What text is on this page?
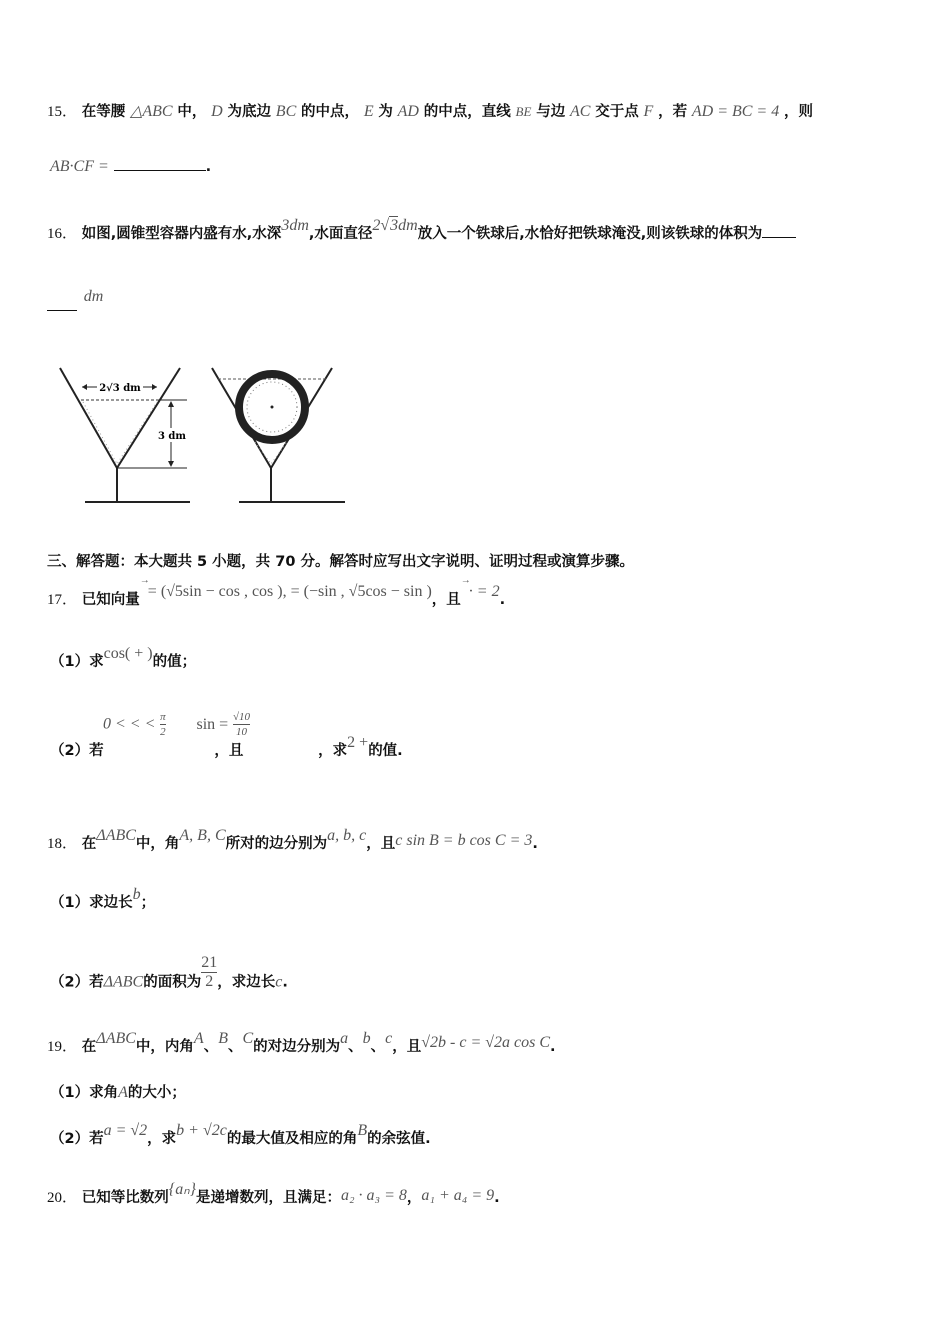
15． 在等腰 △ABC 中， D 为底边 BC 的中点， E 为 AD 的中点，直线 BE 与边 AC 交于点 F ，若 AD = BC = 4 ，则
AB·CF =	.
16． 如图,圆锥型容器内盛有水,水深3dm,水面直径2√3dm放入一个铁球后,水恰好把铁球淹没,则该铁球的体积为
dm
2√3 dm
3 dm
三、解答题：本大题共 5 小题，共 70 分。解答时应写出文字说明、证明过程或演算步骤。
17． 已知向量 → = (√5sin − cos , cos ), = (−sin , √5cos − sin )，且 → · = 2.
（1）求cos( + )的值；
0 < < < $\frac{\pi}{2}$ $\sin = \frac{√10}{10}$
（2）若	，且	，求2 +的值.
18． 在ΔABC中，角A, B, C所对的边分别为a, b, c，且c sin B = b cos C = 3.
（1）求边长b；
（2）若ΔABC的面积为 $\frac{21}{2}$ ，求边长c.
19． 在ΔABC中，内角A、B、C的对边分别为a、b、c，且√2b - c = √2a cos C.
（1）求角A的大小；
（2）若a = √2，求b + √2c的最大值及相应的角B的余弦值.
20． 已知等比数列{aₙ}是递增数列，且满足：a₂ · a₃ = 8，a₁ + a₄ = 9.
